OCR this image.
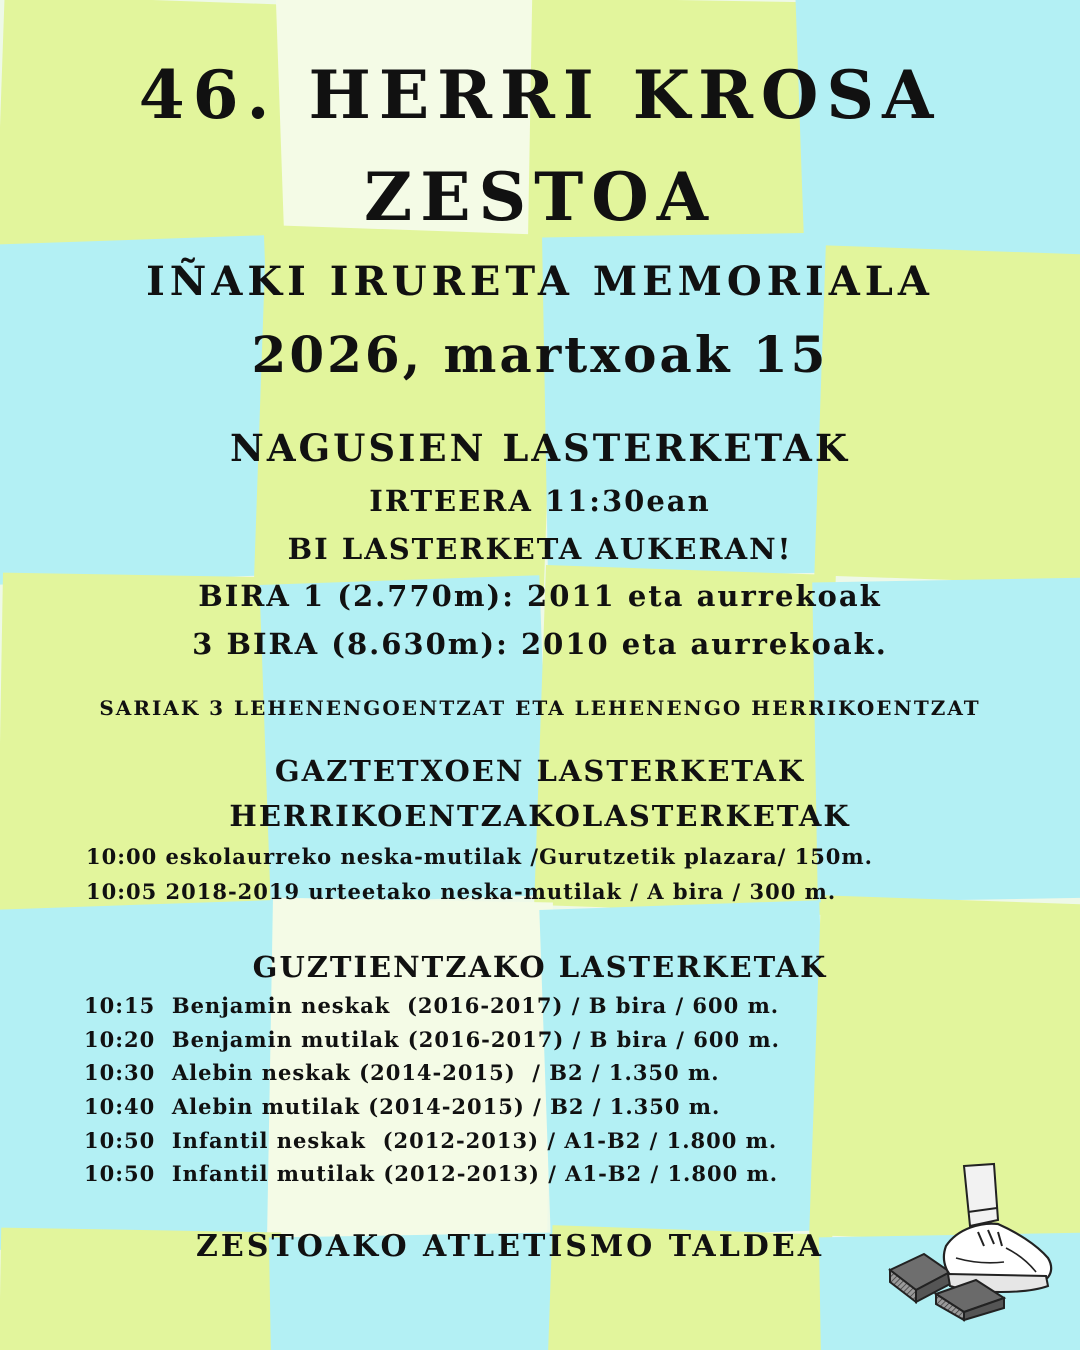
46. HERRI KROSA
ZESTOA
IÑAKI IRURETA MEMORIALA
2026, martxoak 15
NAGUSIEN LASTERKETAK
IRTEERA 11:30ean
BI LASTERKETA AUKERAN!
BIRA 1 (2.770m): 2011 eta aurrekoak
3 BIRA (8.630m): 2010 eta aurrekoak.
SARIAK 3 LEHENENGOENTZAT ETA LEHENENGO HERRIKOENTZAT
GAZTETXOEN LASTERKETAK
HERRIKOENTZAKOLASTERKETAK
10:00 eskolaurreko neska-mutilak /Gurutzetik plazara/ 150m.
10:05 2018-2019 urteetako neska-mutilak / A bira / 300 m.
GUZTIENTZAKO LASTERKETAK
10:15  Benjamin neskak  (2016-2017) / B bira / 600 m.
10:20  Benjamin mutilak (2016-2017) / B bira / 600 m.
10:30  Alebin neskak (2014-2015)  / B2 / 1.350 m.
10:40  Alebin mutilak (2014-2015) / B2 / 1.350 m.
10:50  Infantil neskak  (2012-2013) / A1-B2 / 1.800 m.
10:50  Infantil mutilak (2012-2013) / A1-B2 / 1.800 m.
ZESTOAKO ATLETISMO TALDEA
